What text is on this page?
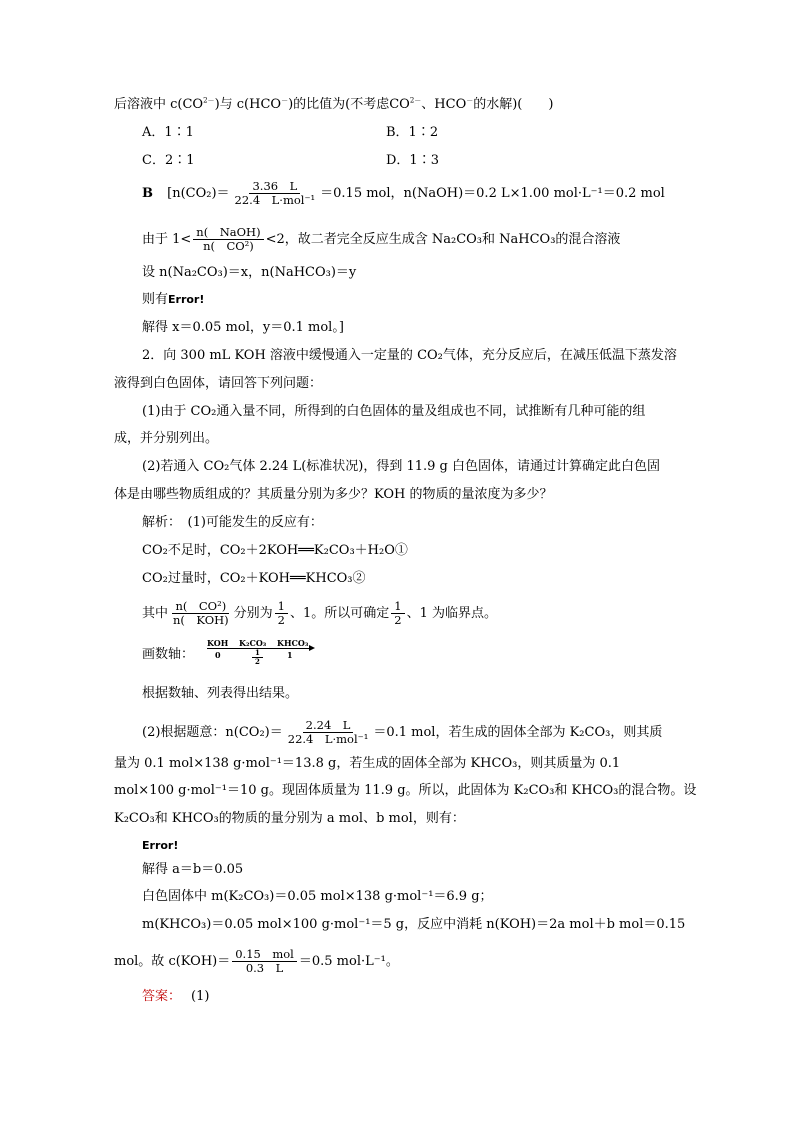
后溶液中 $c(CO^{2-})$与 c(HCO－)的比值为(不考虑$CO^{2-}$、HCO－的水解)(　　)
A．1∶1	B．1∶2
C．2∶1	D．1∶3
B [$n(CO_2)= \frac{3.36 L}{\text{22.4　L·mol⁻¹}} =0.15$ mol，n(NaOH)＝0.2 L×1.00 mol·L⁻¹＝0.2 mol
由于 $1< \frac{\text{n(　NaOH)}}{\text{n(　CO²)}} <2$，故二者完全反应生成含 Na₂CO₃和 NaHCO₃的混合溶液
设 n(Na₂CO₃)＝x，n(NaHCO₃)＝y
则有Error!
解得 x＝0.05 mol，y＝0.1 mol。]
2．向 300 mL KOH 溶液中缓慢通入一定量的 CO₂气体，充分反应后，在减压低温下蒸发溶
液得到白色固体，请回答下列问题：
(1)由于 CO₂通入量不同，所得到的白色固体的量及组成也不同，试推断有几种可能的组
成，并分别列出。
(2)若通入 CO₂气体 2.24 L(标准状况)，得到 11.9 g 白色固体，请通过计算确定此白色固
体是由哪些物质组成的？其质量分别为多少？KOH 的物质的量浓度为多少？
解析：　(1)可能发生的反应有：
CO₂不足时，CO₂＋2KOH══K₂CO₃＋H₂O①
CO₂过量时，CO₂＋KOH══KHCO₃②
其中 $\frac{\text{n(　CO²)}}{\text{n(　KOH)}}$ 分别为 $\frac{1}{2}$ 、1。所以可确定 $\frac{1}{2}$ 、1 为临界点。
画数轴：
KOH K₂CO₃ KHCO₃
0	$\frac{1}{2}$	1
根据数轴、列表得出结果。
(2)根据题意：$n(CO_2)= \frac{2.24 L}{\text{22.4　L·mol⁻¹}} =0.1$ mol，若生成的固体全部为 K₂CO₃，则其质
量为 0.1 mol×138 g·mol⁻¹＝13.8 g，若生成的固体全部为 KHCO₃，则其质量为 0.1
mol×100 g·mol⁻¹＝10 g。现固体质量为 11.9 g。所以，此固体为 K₂CO₃和 KHCO₃的混合物。设
K₂CO₃和 KHCO₃的物质的量分别为 a mol、b mol，则有：
Error!
解得 a＝b＝0.05
白色固体中 m(K₂CO₃)＝0.05 mol×138 g·mol⁻¹＝6.9 g；
m(KHCO₃)＝0.05 mol×100 g·mol⁻¹＝5 g，反应中消耗 n(KOH)＝2a mol＋b mol＝0.15
mol。故 $c(KOH)= \frac{\text{0.15　mol}}{0.3 L} =0.5$ mol·L⁻¹。
答案： (1)
